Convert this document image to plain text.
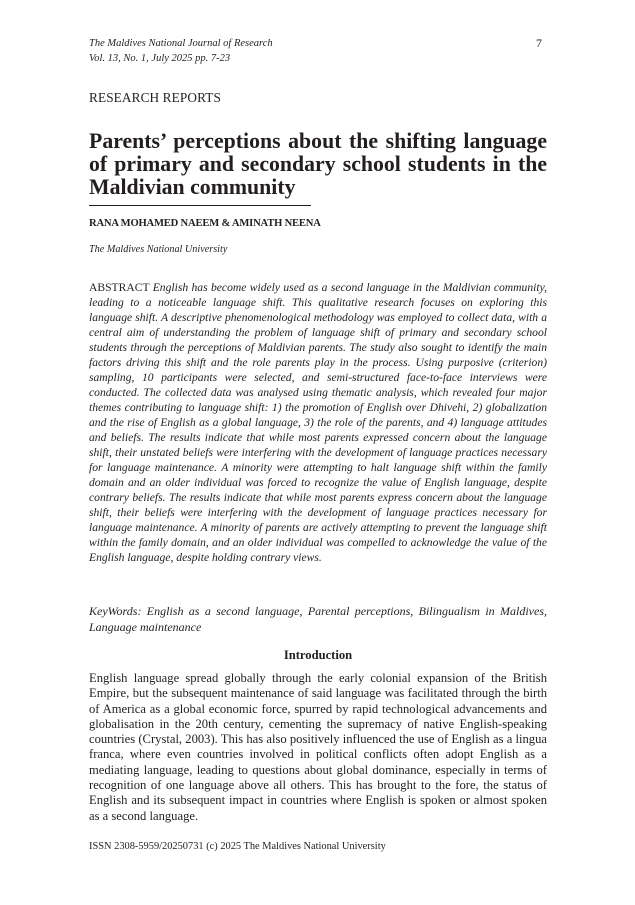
The Maldives National Journal of Research
Vol. 13, No. 1, July 2025 pp. 7-23
7
RESEARCH REPORTS
Parents’ perceptions about the shifting language of primary and secondary school students in the Maldivian community
RANA MOHAMED NAEEM & AMINATH NEENA
The Maldives National University
ABSTRACT English has become widely used as a second language in the Maldivian community, leading to a noticeable language shift. This qualitative research focuses on exploring this language shift. A descriptive phenomenological methodology was employed to collect data, with a central aim of understanding the problem of language shift of primary and secondary school students through the perceptions of Maldivian parents. The study also sought to identify the main factors driving this shift and the role parents play in the process. Using purposive (criterion) sampling, 10 participants were selected, and semi-structured face-to-face interviews were conducted. The collected data was analysed using thematic analysis, which revealed four major themes contributing to language shift: 1) the promotion of English over Dhivehi, 2) globalization and the rise of English as a global language, 3) the role of the parents, and 4) language attitudes and beliefs. The results indicate that while most parents expressed concern about the language shift, their unstated beliefs were interfering with the development of language practices necessary for language maintenance. A minority were attempting to halt language shift within the family domain and an older individual was forced to recognize the value of English language, despite contrary beliefs. The results indicate that while most parents express concern about the language shift, their beliefs were interfering with the development of language practices necessary for language maintenance. A minority of parents are actively attempting to prevent the language shift within the family domain, and an older individual was compelled to acknowledge the value of the English language, despite holding contrary views.
KeyWords: English as a second language, Parental perceptions, Bilingualism in Maldives, Language maintenance
Introduction

English language spread globally through the early colonial expansion of the British Empire, but the subsequent maintenance of said language was facilitated through the birth of America as a global economic force, spurred by rapid technological advancements and globalisation in the 20th century, cementing the supremacy of native English-speaking countries (Crystal, 2003). This has also positively influenced the use of English as a lingua franca, where even countries involved in political conflicts often adopt English as a mediating language, leading to questions about global dominance, especially in terms of recognition of one language above all others. This has brought to the fore, the status of English and its subsequent impact in countries where English is spoken or almost spoken as a second language.

ISSN 2308-5959/20250731 (c) 2025 The Maldives National University
